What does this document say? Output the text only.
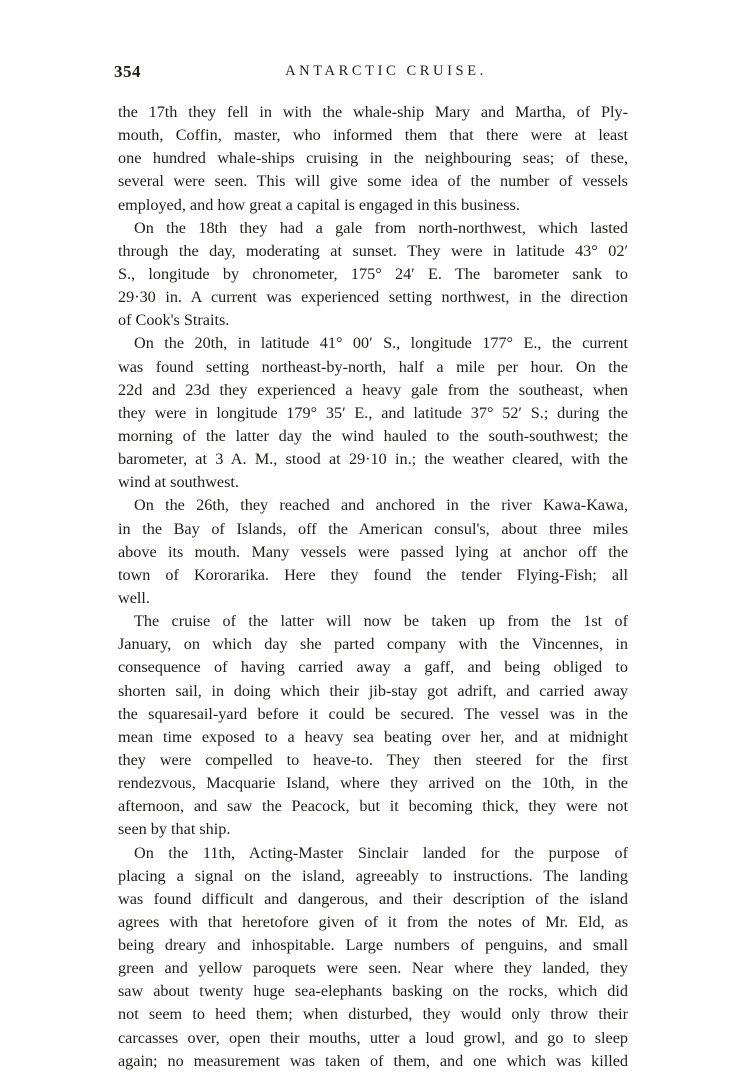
354	ANTARCTIC CRUISE.
the 17th they fell in with the whale-ship Mary and Martha, of Ply-
mouth, Coffin, master, who informed them that there were at least
one hundred whale-ships cruising in the neighbouring seas; of these,
several were seen. This will give some idea of the number of vessels
employed, and how great a capital is engaged in this business.
On the 18th they had a gale from north-northwest, which lasted
through the day, moderating at sunset. They were in latitude 43° 02′
S., longitude by chronometer, 175° 24′ E. The barometer sank to
29·30 in. A current was experienced setting northwest, in the direction
of Cook's Straits.
On the 20th, in latitude 41° 00′ S., longitude 177° E., the current
was found setting northeast-by-north, half a mile per hour. On the
22d and 23d they experienced a heavy gale from the southeast, when
they were in longitude 179° 35′ E., and latitude 37° 52′ S.; during the
morning of the latter day the wind hauled to the south-southwest; the
barometer, at 3 A. M., stood at 29·10 in.; the weather cleared, with the
wind at southwest.
On the 26th, they reached and anchored in the river Kawa-Kawa,
in the Bay of Islands, off the American consul's, about three miles
above its mouth. Many vessels were passed lying at anchor off the
town of Kororarika. Here they found the tender Flying-Fish; all
well.
The cruise of the latter will now be taken up from the 1st of
January, on which day she parted company with the Vincennes, in
consequence of having carried away a gaff, and being obliged to
shorten sail, in doing which their jib-stay got adrift, and carried away
the squaresail-yard before it could be secured. The vessel was in the
mean time exposed to a heavy sea beating over her, and at midnight
they were compelled to heave-to. They then steered for the first
rendezvous, Macquarie Island, where they arrived on the 10th, in the
afternoon, and saw the Peacock, but it becoming thick, they were not
seen by that ship.
On the 11th, Acting-Master Sinclair landed for the purpose of
placing a signal on the island, agreeably to instructions. The landing
was found difficult and dangerous, and their description of the island
agrees with that heretofore given of it from the notes of Mr. Eld, as
being dreary and inhospitable. Large numbers of penguins, and small
green and yellow paroquets were seen. Near where they landed, they
saw about twenty huge sea-elephants basking on the rocks, which did
not seem to heed them; when disturbed, they would only throw their
carcasses over, open their mouths, utter a loud growl, and go to sleep
again; no measurement was taken of them, and one which was killed
